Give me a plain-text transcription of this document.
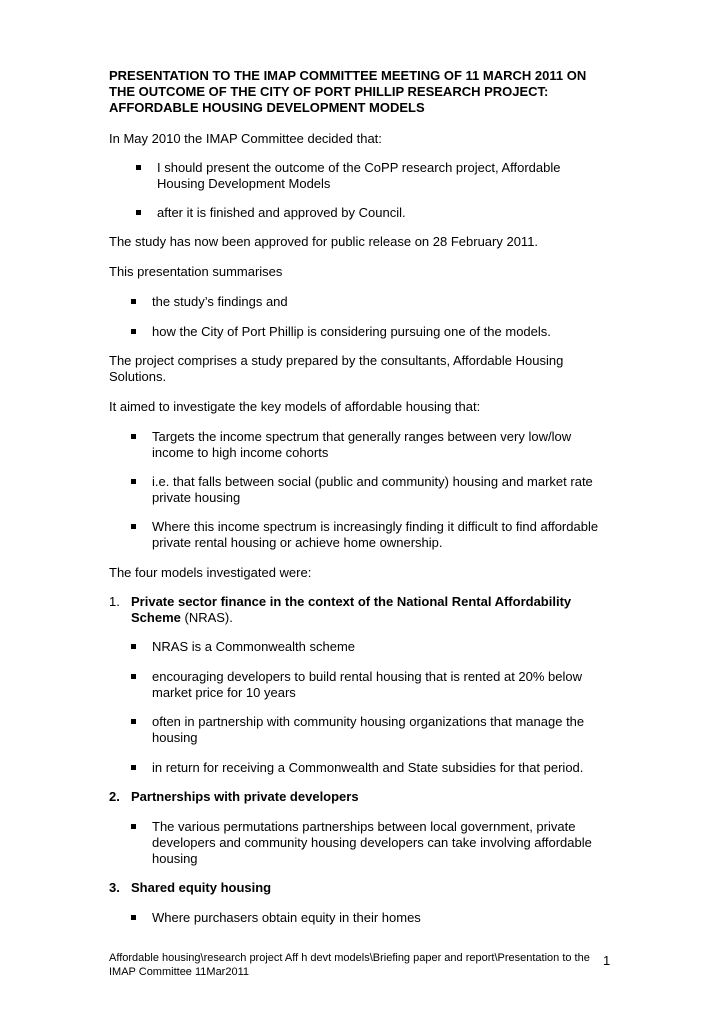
PRESENTATION TO THE IMAP COMMITTEE MEETING OF 11 MARCH 2011 ON
THE OUTCOME OF THE CITY OF PORT PHILLIP RESEARCH PROJECT:
AFFORDABLE HOUSING DEVELOPMENT MODELS
In May 2010 the IMAP Committee decided that:
I should present the outcome of the CoPP research project, Affordable
Housing Development Models
after it is finished and approved by Council.
The study has now been approved for public release on 28 February 2011.
This presentation summarises
the study’s findings and
how the City of Port Phillip is considering pursuing one of the models.
The project comprises a study prepared by the consultants, Affordable Housing
Solutions.
It aimed to investigate the key models of affordable housing that:
Targets the income spectrum that generally ranges between very low/low
income to high income cohorts
i.e. that falls between social (public and community) housing and market rate
private housing
Where this income spectrum is increasingly finding it difficult to find affordable
private rental housing or achieve home ownership.
The four models investigated were:
1. Private sector finance in the context of the National Rental Affordability
Scheme (NRAS).
NRAS is a Commonwealth scheme
encouraging developers to build rental housing that is rented at 20% below
market price for 10 years
often in partnership with community housing organizations that manage the
housing
in return for receiving a Commonwealth and State subsidies for that period.
2. Partnerships with private developers
The various permutations partnerships between local government, private
developers and community housing developers can take involving affordable
housing
3. Shared equity housing
Where purchasers obtain equity in their homes
Affordable housing\research project Aff h devt models\Briefing paper and report\Presentation to the
IMAP Committee 11Mar2011
1
